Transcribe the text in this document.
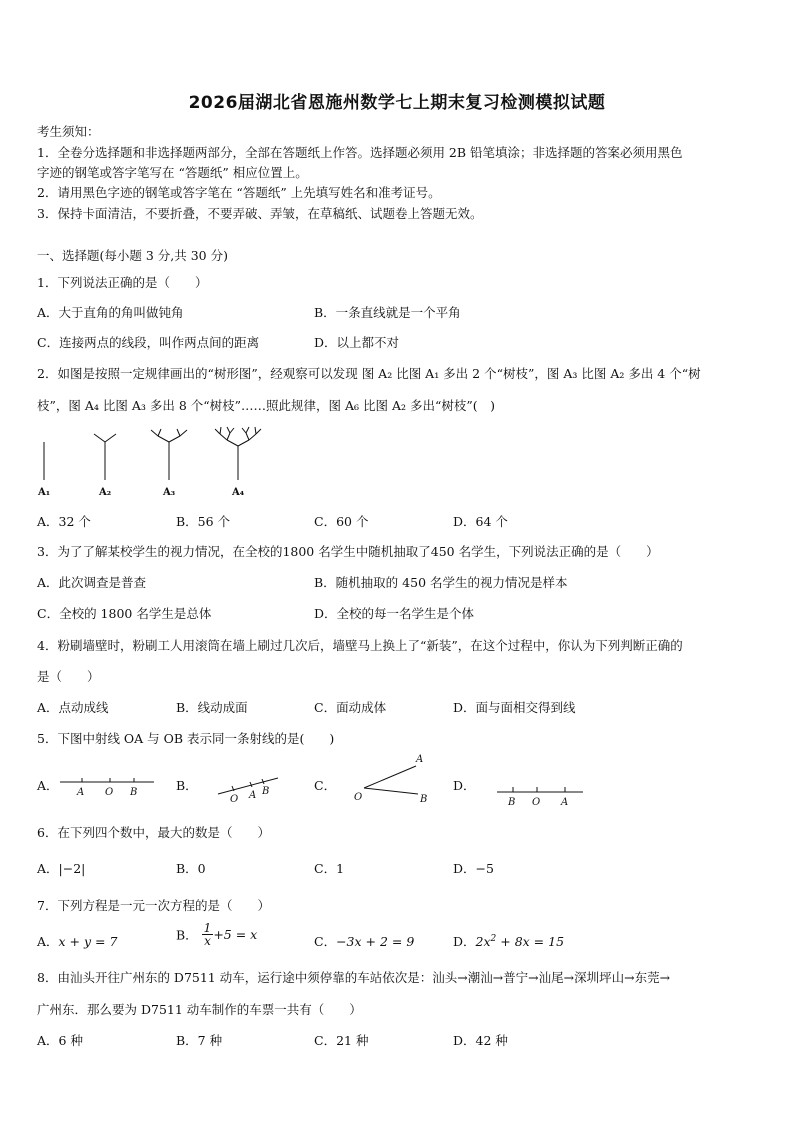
2026届湖北省恩施州数学七上期末复习检测模拟试题
考生须知：
1．全卷分选择题和非选择题两部分，全部在答题纸上作答。选择题必须用 2B 铅笔填涂；非选择题的答案必须用黑色
字迹的钢笔或答字笔写在 “答题纸” 相应位置上。
2．请用黑色字迹的钢笔或答字笔在 “答题纸” 上先填写姓名和准考证号。
3．保持卡面清洁，不要折叠，不要弄破、弄皱，在草稿纸、试题卷上答题无效。
一、选择题(每小题 3 分,共 30 分)
1．下列说法正确的是（　　）
A．大于直角的角叫做钝角	B．一条直线就是一个平角
C．连接两点的线段，叫作两点间的距离	D．以上都不对
2．如图是按照一定规律画出的“树形图”，经观察可以发现 图 A₂ 比图 A₁ 多出 2 个“树枝”，图 A₃ 比图 A₂ 多出 4 个“树
枝”，图 A₄ 比图 A₃ 多出 8 个“树枝”……照此规律，图 A₆ 比图 A₂ 多出“树枝”(　)
A₁	A₂	A₃	A₄
A．32 个	B．56 个	C．60 个	D．64 个
3．为了了解某校学生的视力情况，在全校的1800 名学生中随机抽取了450 名学生，下列说法正确的是（　　）
A．此次调查是普查	B．随机抽取的 450 名学生的视力情况是样本
C．全校的 1800 名学生是总体	D．全校的每一名学生是个体
4．粉刷墙壁时，粉刷工人用滚筒在墙上刷过几次后，墙壁马上换上了“新装”，在这个过程中，你认为下列判断正确的
是（　　）
A．点动成线	B．线动成面	C．面动成体	D．面与面相交得到线
5．下图中射线 OA 与 OB 表示同一条射线的是(　　)
A． A O B	B．
O A B	C．
O
A
B
D．
B O A
6．在下列四个数中，最大的数是（　　）
A．|−2|	B．0	C．1	D．−5
7．下列方程是一元一次方程的是（　　）
A．x + y = 7	B． $\frac{1}{x} +5 = x$	C．−3x + 2 = 9	D．$2x^2 + 8x = 15$
8．由汕头开往广州东的 D7511 动车，运行途中须停靠的车站依次是：汕头→潮汕→普宁→汕尾→深圳坪山→东莞→
广州东．那么要为 D7511 动车制作的车票一共有（　　）
A．6 种	B．7 种	C．21 种	D．42 种
